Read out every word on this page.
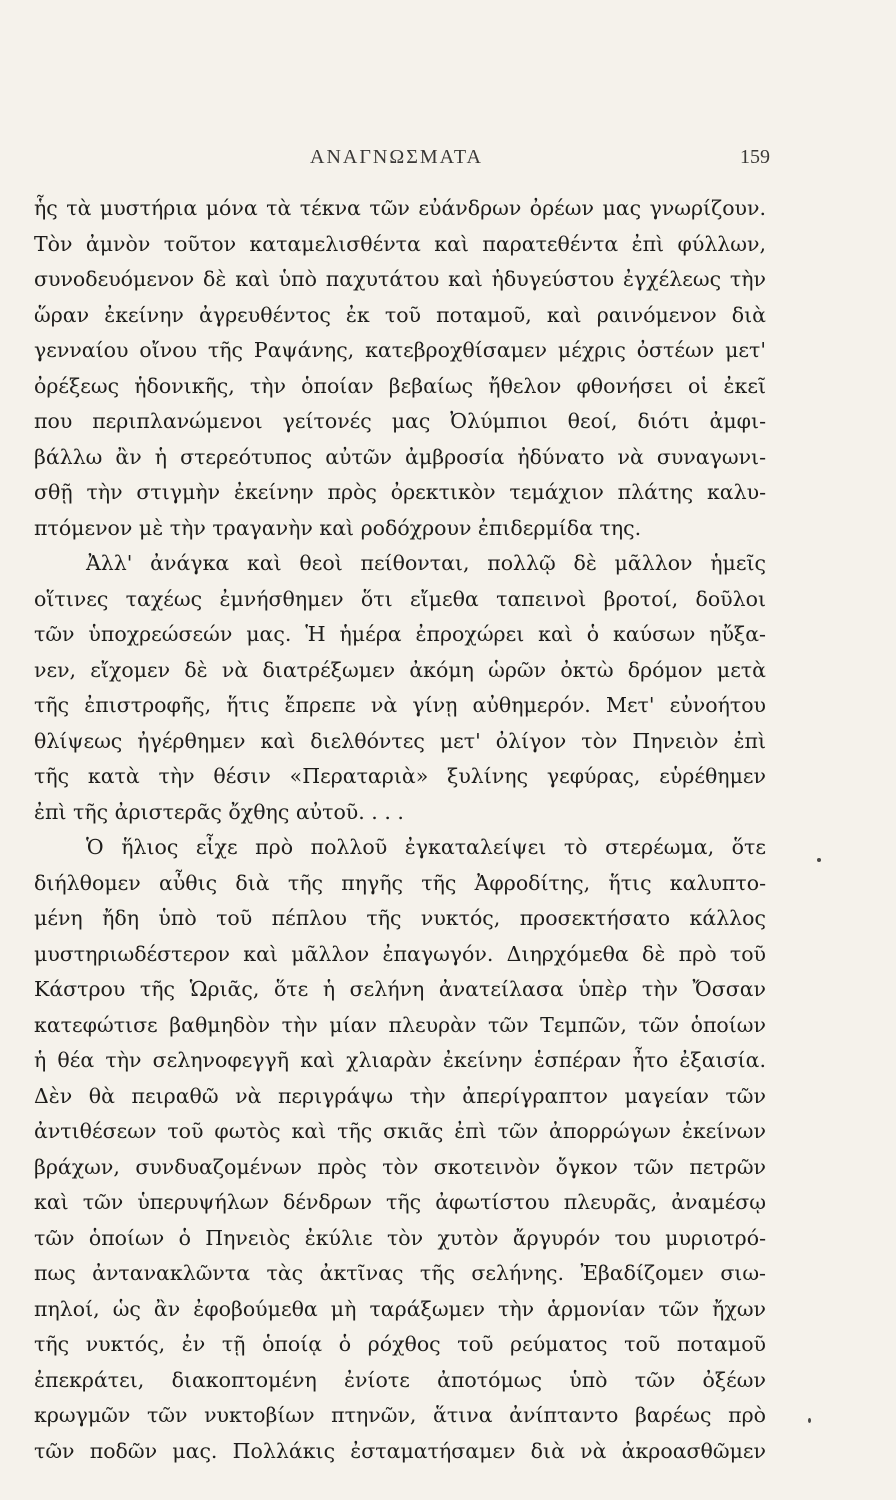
ΑΝΑΓΝΩΣΜΑΤΑ	159
ἧς τὰ μυστήρια μόνα τὰ τέκνα τῶν εὐάνδρων ὀρέων μας γνωρίζουν.
Τὸν ἀμνὸν τοῦτον καταμελισθέντα καὶ παρατεθέντα ἐπὶ φύλλων,
συνοδευόμενον δὲ καὶ ὑπὸ παχυτάτου καὶ ἡδυγεύστου ἐγχέλεως τὴν
ὥραν ἐκείνην ἀγρευθέντος ἐκ τοῦ ποταμοῦ, καὶ ραινόμενον διὰ
γενναίου οἴνου τῆς Ραψάνης, κατεβροχθίσαμεν μέχρις ὀστέων μετ'
ὀρέξεως ἡδονικῆς, τὴν ὁποίαν βεβαίως ἤθελον φθονήσει οἱ ἐκεῖ
που περιπλανώμενοι γείτονές μας Ὀλύμπιοι θεοί, διότι ἀμφι-
βάλλω ἂν ἡ στερεότυπος αὐτῶν ἀμβροσία ἠδύνατο νὰ συναγωνι-
σθῇ τὴν στιγμὴν ἐκείνην πρὸς ὀρεκτικὸν τεμάχιον πλάτης καλυ-
πτόμενον μὲ τὴν τραγανὴν καὶ ροδόχρουν ἐπιδερμίδα της.
Ἀλλ' ἀνάγκα καὶ θεοὶ πείθονται, πολλῷ δὲ μᾶλλον ἡμεῖς
οἵτινες ταχέως ἐμνήσθημεν ὅτι εἴμεθα ταπεινοὶ βροτοί, δοῦλοι
τῶν ὑποχρεώσεών μας. Ἡ ἡμέρα ἐπροχώρει καὶ ὁ καύσων ηὔξα-
νεν, εἴχομεν δὲ νὰ διατρέξωμεν ἀκόμη ὡρῶν ὀκτὼ δρόμον μετὰ
τῆς ἐπιστροφῆς, ἥτις ἔπρεπε νὰ γίνῃ αὐθημερόν. Μετ' εὐνοήτου
θλίψεως ἠγέρθημεν καὶ διελθόντες μετ' ὀλίγον τὸν Πηνειὸν ἐπὶ
τῆς κατὰ τὴν θέσιν «Περαταριὰ» ξυλίνης γεφύρας, εὑρέθημεν
ἐπὶ τῆς ἀριστερᾶς ὄχθης αὐτοῦ. . . .
Ὁ ἥλιος εἶχε πρὸ πολλοῦ ἐγκαταλείψει τὸ στερέωμα, ὅτε
διήλθομεν αὖθις διὰ τῆς πηγῆς τῆς Ἀφροδίτης, ἥτις καλυπτο-
μένη ἤδη ὑπὸ τοῦ πέπλου τῆς νυκτός, προσεκτήσατο κάλλος
μυστηριωδέστερον καὶ μᾶλλον ἐπαγωγόν. Διηρχόμεθα δὲ πρὸ τοῦ
Κάστρου τῆς Ὡριᾶς, ὅτε ἡ σελήνη ἀνατείλασα ὑπὲρ τὴν Ὄσσαν
κατεφώτισε βαθμηδὸν τὴν μίαν πλευρὰν τῶν Τεμπῶν, τῶν ὁποίων
ἡ θέα τὴν σεληνοφεγγῆ καὶ χλιαρὰν ἐκείνην ἑσπέραν ἦτο ἐξαισία.
Δὲν θὰ πειραθῶ νὰ περιγράψω τὴν ἀπερίγραπτον μαγείαν τῶν
ἀντιθέσεων τοῦ φωτὸς καὶ τῆς σκιᾶς ἐπὶ τῶν ἀπορρώγων ἐκείνων
βράχων, συνδυαζομένων πρὸς τὸν σκοτεινὸν ὄγκον τῶν πετρῶν
καὶ τῶν ὑπερυψήλων δένδρων τῆς ἀφωτίστου πλευρᾶς, ἀναμέσῳ
τῶν ὁποίων ὁ Πηνειὸς ἐκύλιε τὸν χυτὸν ἄργυρόν του μυριοτρό-
πως ἀντανακλῶντα τὰς ἀκτῖνας τῆς σελήνης. Ἐβαδίζομεν σιω-
πηλοί, ὡς ἂν ἐφοβούμεθα μὴ ταράξωμεν τὴν ἁρμονίαν τῶν ἤχων
τῆς νυκτός, ἐν τῇ ὁποίᾳ ὁ ρόχθος τοῦ ρεύματος τοῦ ποταμοῦ
ἐπεκράτει, διακοπτομένη ἐνίοτε ἀποτόμως ὑπὸ τῶν ὀξέων
κρωγμῶν τῶν νυκτοβίων πτηνῶν, ἅτινα ἀνίπταντο βαρέως πρὸ
τῶν ποδῶν μας. Πολλάκις ἐσταματήσαμεν διὰ νὰ ἀκροασθῶμεν
